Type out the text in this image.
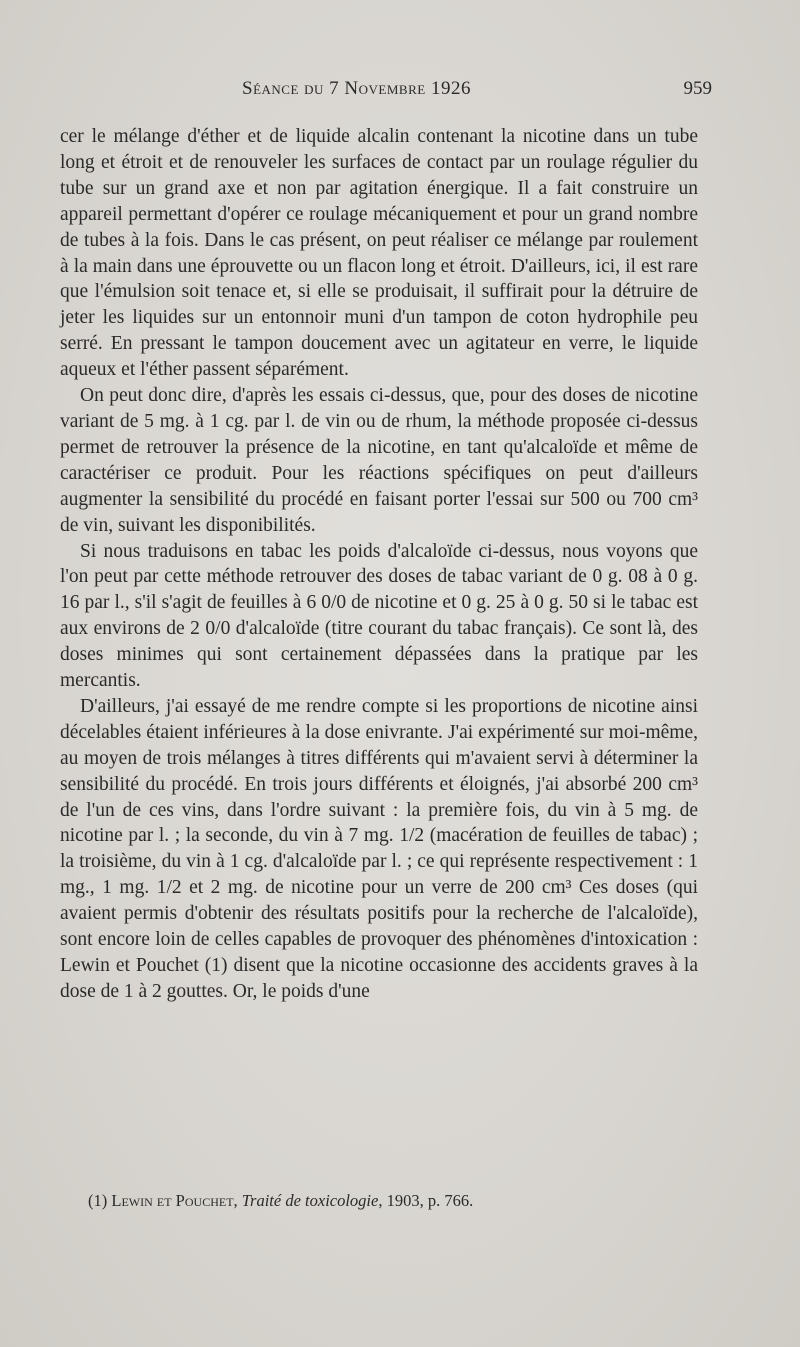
Séance du 7 Novembre 1926	959

cer le mélange d'éther et de liquide alcalin contenant la nicotine dans un tube long et étroit et de renouveler les surfaces de contact par un roulage régulier du tube sur un grand axe et non par agitation énergique. Il a fait construire un appareil permettant d'opérer ce roulage mécaniquement et pour un grand nombre de tubes à la fois. Dans le cas présent, on peut réaliser ce mélange par roulement à la main dans une éprouvette ou un flacon long et étroit. D'ailleurs, ici, il est rare que l'émulsion soit tenace et, si elle se produisait, il suffirait pour la détruire de jeter les liquides sur un entonnoir muni d'un tampon de coton hydrophile peu serré. En pressant le tampon doucement avec un agitateur en verre, le liquide aqueux et l'éther passent séparément.

On peut donc dire, d'après les essais ci-dessus, que, pour des doses de nicotine variant de 5 mg. à 1 cg. par l. de vin ou de rhum, la méthode proposée ci-dessus permet de retrouver la présence de la nicotine, en tant qu'alcaloïde et même de caractériser ce produit. Pour les réactions spécifiques on peut d'ailleurs augmenter la sensibilité du procédé en faisant porter l'essai sur 500 ou 700 cm³ de vin, suivant les disponibilités.

Si nous traduisons en tabac les poids d'alcaloïde ci-dessus, nous voyons que l'on peut par cette méthode retrouver des doses de tabac variant de 0 g. 08 à 0 g. 16 par l., s'il s'agit de feuilles à 6 0/0 de nicotine et 0 g. 25 à 0 g. 50 si le tabac est aux environs de 2 0/0 d'alcaloïde (titre courant du tabac français). Ce sont là, des doses minimes qui sont certainement dépassées dans la pratique par les mercantis.

D'ailleurs, j'ai essayé de me rendre compte si les proportions de nicotine ainsi décelables étaient inférieures à la dose enivrante. J'ai expérimenté sur moi-même, au moyen de trois mélanges à titres différents qui m'avaient servi à déterminer la sensibilité du procédé. En trois jours différents et éloignés, j'ai absorbé 200 cm³ de l'un de ces vins, dans l'ordre suivant : la première fois, du vin à 5 mg. de nicotine par l. ; la seconde, du vin à 7 mg. 1/2 (macération de feuilles de tabac) ; la troisième, du vin à 1 cg. d'alcaloïde par l. ; ce qui représente respectivement : 1 mg., 1 mg. 1/2 et 2 mg. de nicotine pour un verre de 200 cm³ Ces doses (qui avaient permis d'obtenir des résultats positifs pour la recherche de l'alcaloïde), sont encore loin de celles capables de provoquer des phénomènes d'intoxication : Lewin et Pouchet (1) disent que la nicotine occasionne des accidents graves à la dose de 1 à 2 gouttes. Or, le poids d'une

(1) Lewin et Pouchet, Traité de toxicologie, 1903, p. 766.
